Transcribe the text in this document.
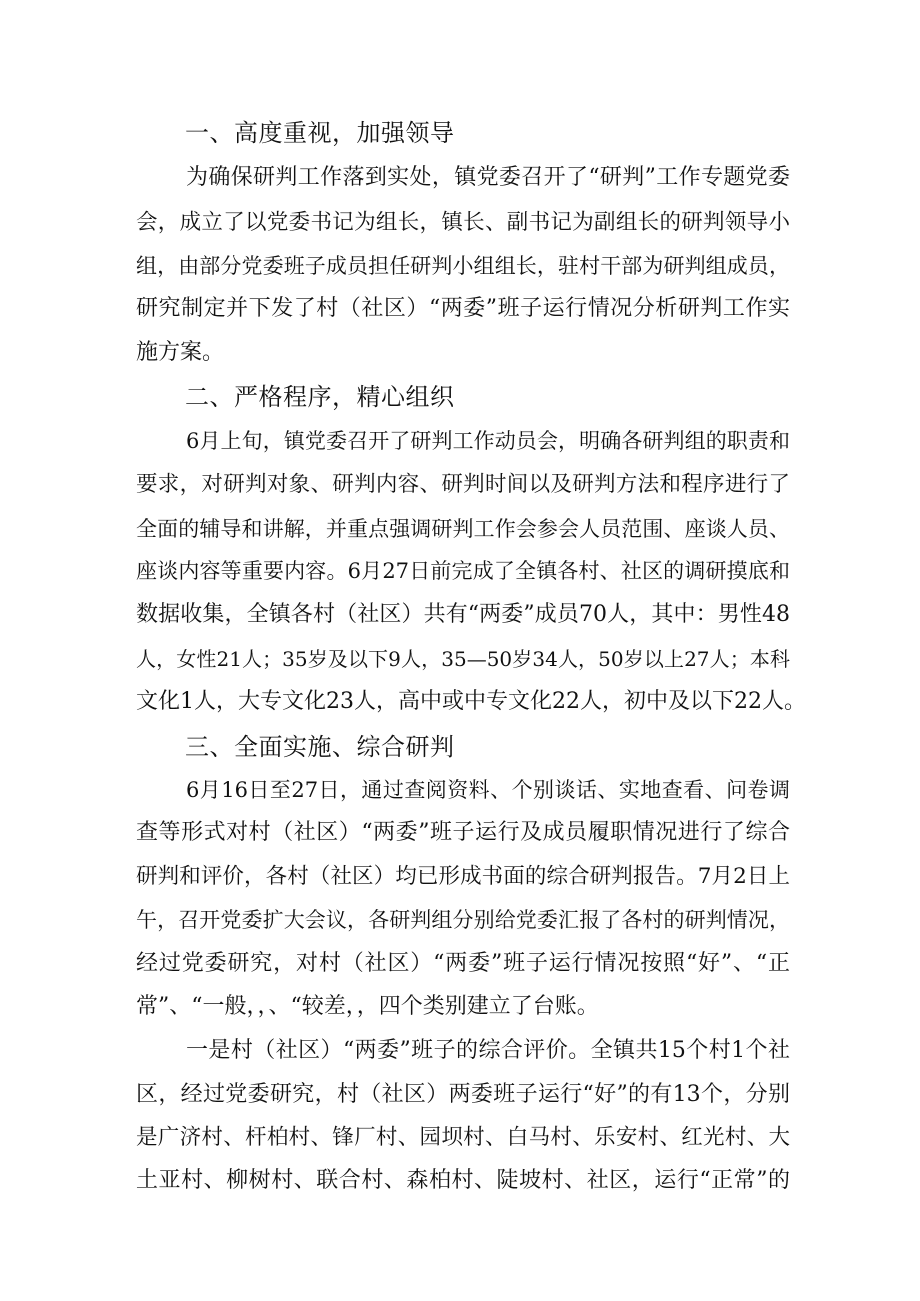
一、高度重视，加强领导
为确保研判工作落到实处，镇党委召开了“研判”工作专题党委
会，成立了以党委书记为组长，镇长、副书记为副组长的研判领导小
组，由部分党委班子成员担任研判小组组长，驻村干部为研判组成员，
研究制定并下发了村（社区）“两委”班子运行情况分析研判工作实
施方案。
二、严格程序，精心组织
6月上旬，镇党委召开了研判工作动员会，明确各研判组的职责和
要求，对研判对象、研判内容、研判时间以及研判方法和程序进行了
全面的辅导和讲解，并重点强调研判工作会参会人员范围、座谈人员、
座谈内容等重要内容。6月27日前完成了全镇各村、社区的调研摸底和
数据收集，全镇各村（社区）共有“两委”成员70人，其中：男性48
人，女性21人；35岁及以下9人，35—50岁34人，50岁以上27人；本科
文化1人，大专文化23人，高中或中专文化22人，初中及以下22人。
三、全面实施、综合研判
6月16日至27日，通过查阅资料、个别谈话、实地查看、问卷调
查等形式对村（社区）“两委”班子运行及成员履职情况进行了综合
研判和评价，各村（社区）均已形成书面的综合研判报告。7月2日上
午，召开党委扩大会议，各研判组分别给党委汇报了各村的研判情况，
经过党委研究，对村（社区）“两委”班子运行情况按照“好”、“正
常”、“一般，，、“较差，，四个类别建立了台账。
一是村（社区）“两委”班子的综合评价。全镇共15个村1个社
区，经过党委研究，村（社区）两委班子运行“好”的有13个，分别
是广济村、杆柏村、锋厂村、园坝村、白马村、乐安村、红光村、大
土亚村、柳树村、联合村、森柏村、陡坡村、社区，运行“正常”的
